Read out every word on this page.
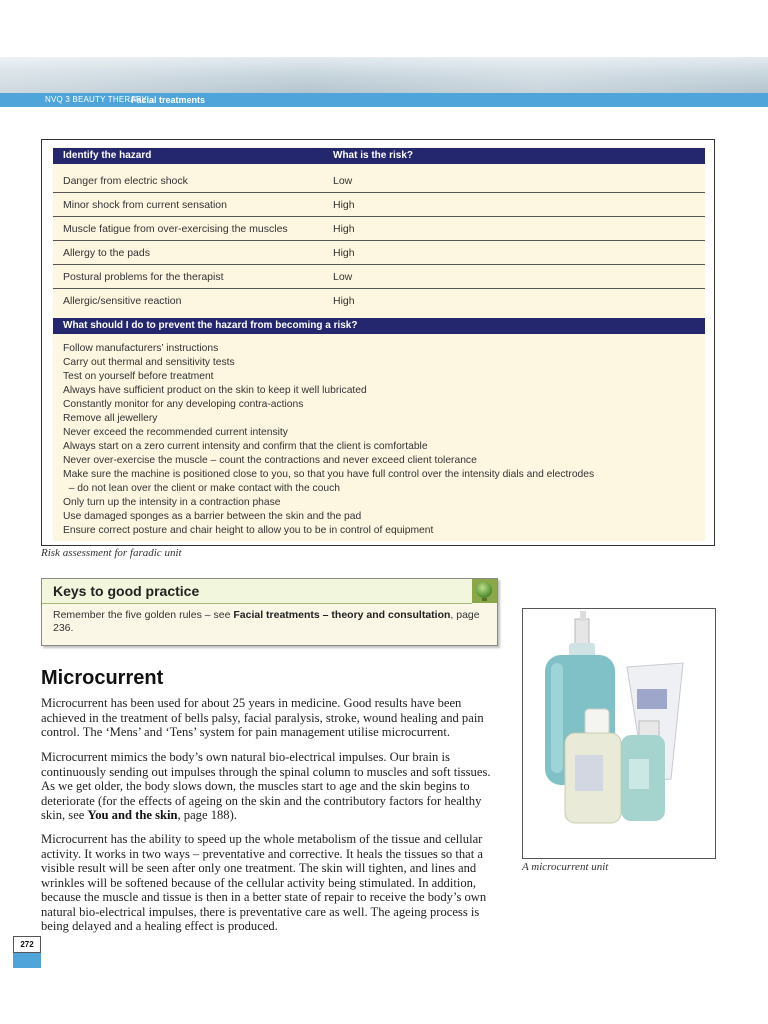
NVQ 3 BEAUTY THERAPY:
Facial treatments
Identify the hazard	What is the risk?
Danger from electric shock	Low
Minor shock from current sensation	High
Muscle fatigue from over-exercising the muscles	High
Allergy to the pads	High
Postural problems for the therapist	Low
Allergic/sensitive reaction	High
What should I do to prevent the hazard from becoming a risk?
Follow manufacturers’ instructions
Carry out thermal and sensitivity tests
Test on yourself before treatment
Always have sufficient product on the skin to keep it well lubricated
Constantly monitor for any developing contra-actions
Remove all jewellery
Never exceed the recommended current intensity
Always start on a zero current intensity and confirm that the client is comfortable
Never over-exercise the muscle – count the contractions and never exceed client tolerance
Make sure the machine is positioned close to you, so that you have full control over the intensity dials and electrodes
– do not lean over the client or make contact with the couch
Only turn up the intensity in a contraction phase
Use damaged sponges as a barrier between the skin and the pad
Ensure correct posture and chair height to allow you to be in control of equipment
Risk assessment for faradic unit
Keys to good practice
Remember the five golden rules – see Facial treatments – theory and consultation, page 236.
Microcurrent

Microcurrent has been used for about 25 years in medicine. Good results have been achieved in the treatment of bells palsy, facial paralysis, stroke, wound healing and pain control. The ‘Mens’ and ‘Tens’ system for pain management utilise microcurrent.

Microcurrent mimics the body’s own natural bio-electrical impulses. Our brain is continuously sending out impulses through the spinal column to muscles and soft tissues. As we get older, the body slows down, the muscles start to age and the skin begins to deteriorate (for the effects of ageing on the skin and the contributory factors for healthy skin, see You and the skin, page 188).

Microcurrent has the ability to speed up the whole metabolism of the tissue and cellular activity. It works in two ways – preventative and corrective. It heals the tissues so that a visible result will be seen after only one treatment. The skin will tighten, and lines and wrinkles will be softened because of the cellular activity being stimulated. In addition, because the muscle and tissue is then in a better state of repair to receive the body’s own natural bio-electrical impulses, there is preventative care as well. The ageing process is being delayed and a healing effect is produced.

A microcurrent unit
272
